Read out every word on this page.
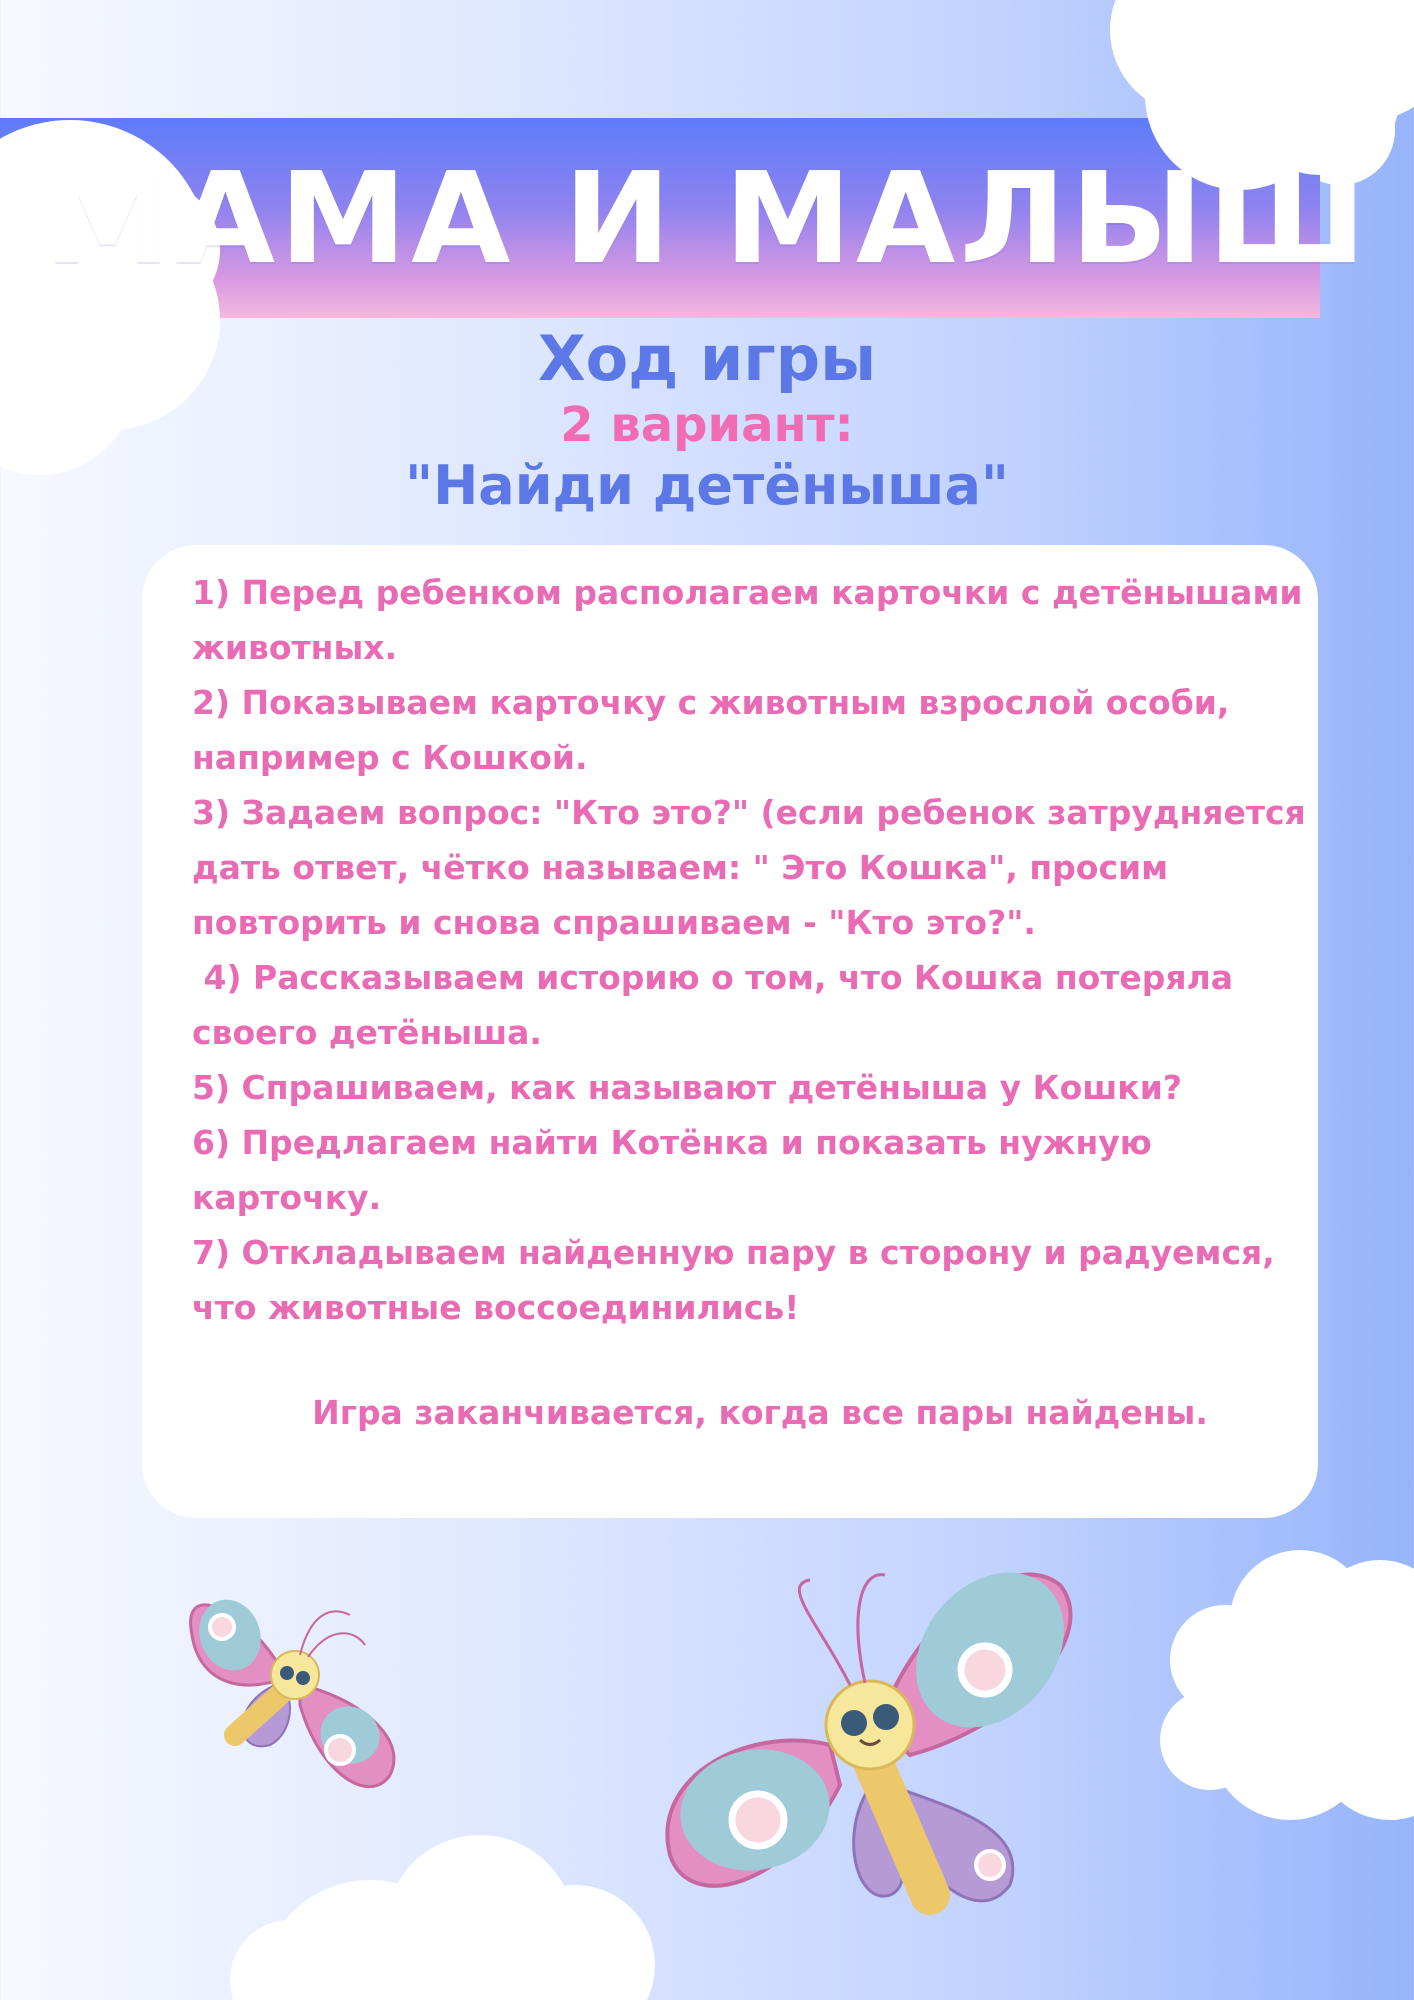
МАМА И МАЛЫШ
Ход игры
2 вариант:
"Найди детёныша"

1) Перед ребенком располагаем карточки с детёнышами животных.

2) Показываем карточку с животным взрослой особи, например с Кошкой.

3) Задаем вопрос: "Кто это?" (если ребенок затрудняется дать ответ, чётко называем: " Это Кошка", просим повторить и снова спрашиваем - "Кто это?".

4) Рассказываем историю о том, что Кошка потеряла своего детёныша.

5) Спрашиваем, как называют детёныша у Кошки?

6) Предлагаем найти Котёнка и показать нужную карточку.

7) Откладываем найденную пару в сторону и радуемся, что животные воссоединились!

Игра заканчивается, когда все пары найдены.
